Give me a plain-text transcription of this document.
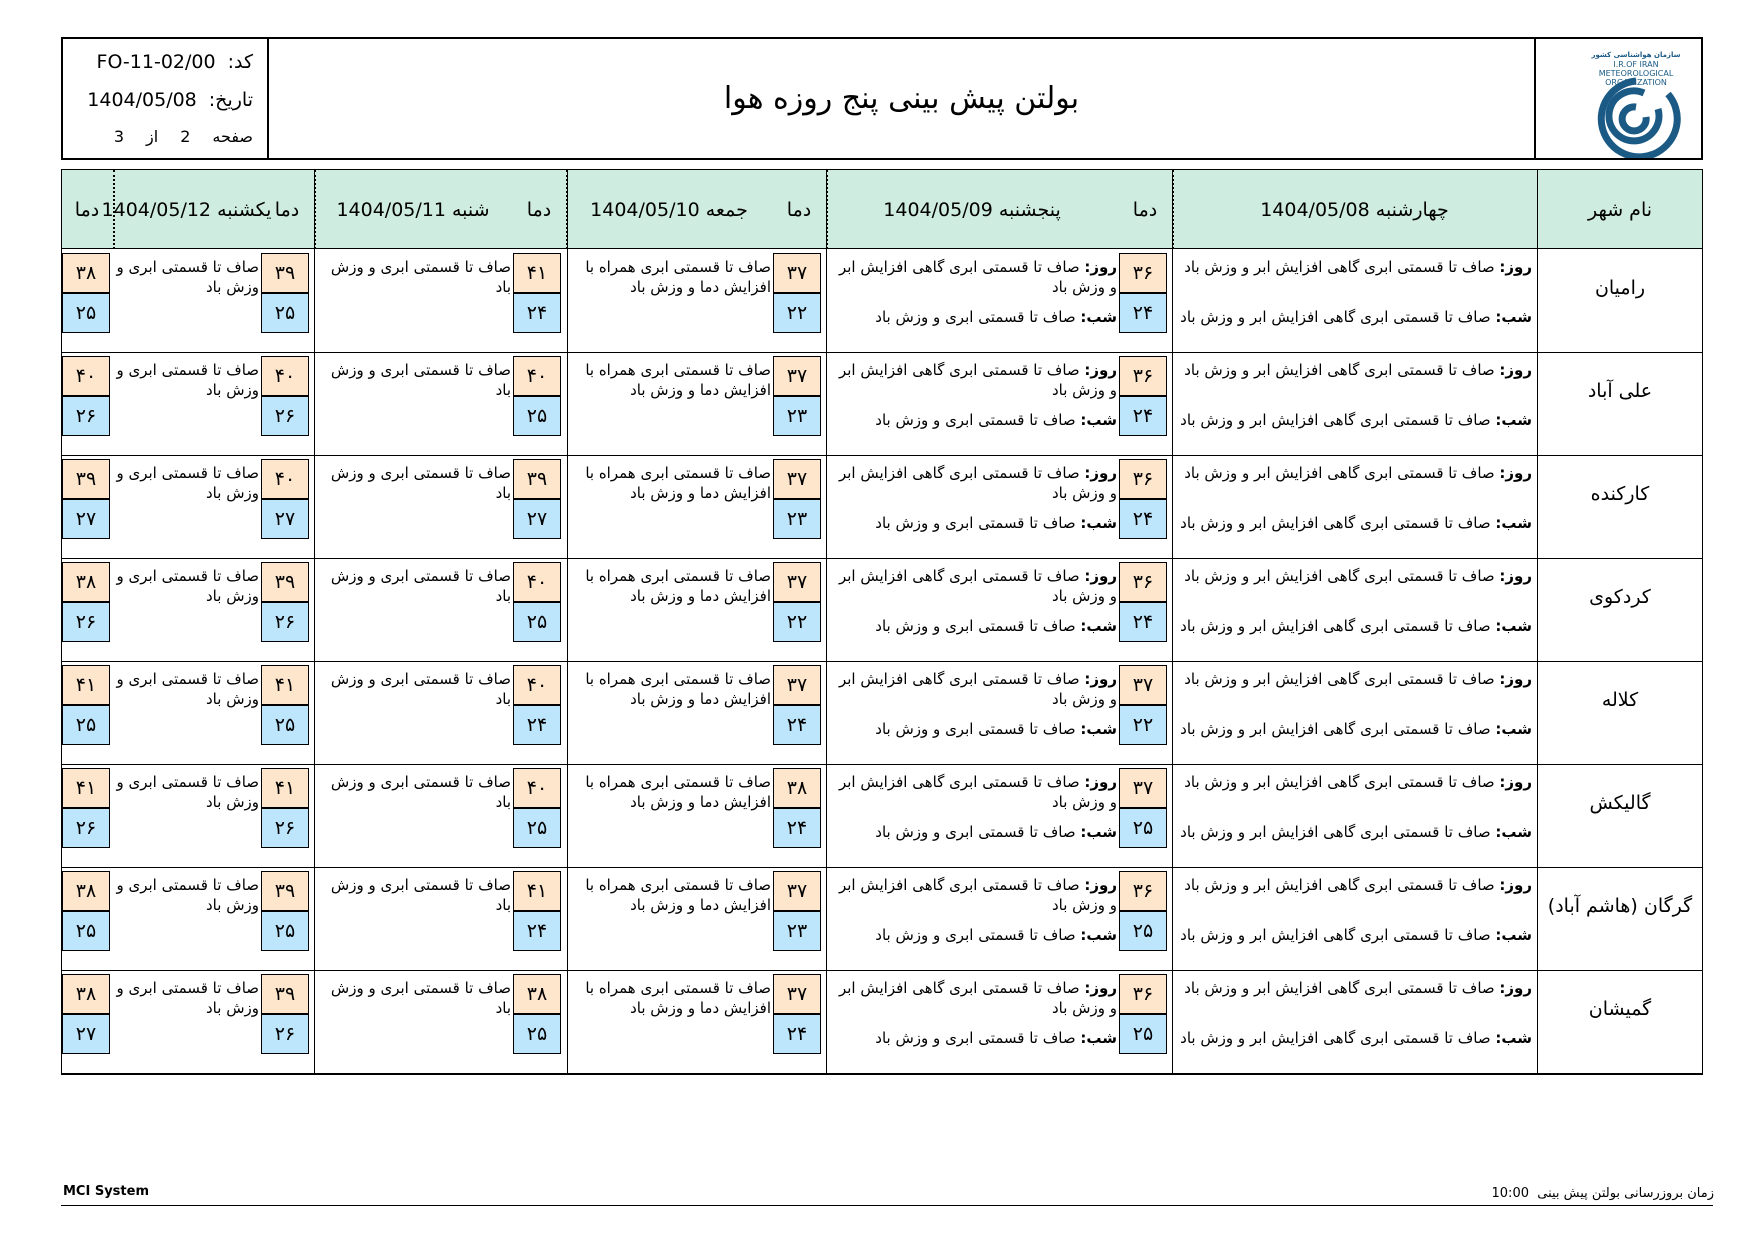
کد:
FO-11-02/00
تاریخ:
1404/05/08
صفحه
2
از
3
بولتن پیش بینی پنج روزه هوا
سازمان هواشناسی کشور
I.R.OF IRAN
METEOROLOGICAL
ORGANIZATION
نام شهر
چهارشنبه

1404/05/08
دما
پنجشنبه

1404/05/09
دما
جمعه

1404/05/10
دما
شنبه

1404/05/11
دما
یکشنبه

1404/05/12
دما
رامیان
۳۶
۲۴
روز: صاف تا قسمتی ابری گاهی افزایش ابر و وزش باد
شب: صاف تا قسمتی ابری گاهی افزایش ابر و وزش باد
۳۷
۲۲
روز: صاف تا قسمتی ابری گاهی افزایش ابر و وزش باد
شب: صاف تا قسمتی ابری و وزش باد
۴۱
۲۴
صاف تا قسمتی ابری همراه با افزایش دما و وزش باد
۳۹
۲۵
صاف تا قسمتی ابری و وزش باد
۳۸
۲۵
صاف تا قسمتی ابری و وزش باد
علی آباد
۳۶
۲۴
روز: صاف تا قسمتی ابری گاهی افزایش ابر و وزش باد
شب: صاف تا قسمتی ابری گاهی افزایش ابر و وزش باد
۳۷
۲۳
روز: صاف تا قسمتی ابری گاهی افزایش ابر و وزش باد
شب: صاف تا قسمتی ابری و وزش باد
۴۰
۲۵
صاف تا قسمتی ابری همراه با افزایش دما و وزش باد
۴۰
۲۶
صاف تا قسمتی ابری و وزش باد
۴۰
۲۶
صاف تا قسمتی ابری و وزش باد
کارکنده
۳۶
۲۴
روز: صاف تا قسمتی ابری گاهی افزایش ابر و وزش باد
شب: صاف تا قسمتی ابری گاهی افزایش ابر و وزش باد
۳۷
۲۳
روز: صاف تا قسمتی ابری گاهی افزایش ابر و وزش باد
شب: صاف تا قسمتی ابری و وزش باد
۳۹
۲۷
صاف تا قسمتی ابری همراه با افزایش دما و وزش باد
۴۰
۲۷
صاف تا قسمتی ابری و وزش باد
۳۹
۲۷
صاف تا قسمتی ابری و وزش باد
کردکوی
۳۶
۲۴
روز: صاف تا قسمتی ابری گاهی افزایش ابر و وزش باد
شب: صاف تا قسمتی ابری گاهی افزایش ابر و وزش باد
۳۷
۲۲
روز: صاف تا قسمتی ابری گاهی افزایش ابر و وزش باد
شب: صاف تا قسمتی ابری و وزش باد
۴۰
۲۵
صاف تا قسمتی ابری همراه با افزایش دما و وزش باد
۳۹
۲۶
صاف تا قسمتی ابری و وزش باد
۳۸
۲۶
صاف تا قسمتی ابری و وزش باد
کلاله
۳۷
۲۲
روز: صاف تا قسمتی ابری گاهی افزایش ابر و وزش باد
شب: صاف تا قسمتی ابری گاهی افزایش ابر و وزش باد
۳۷
۲۴
روز: صاف تا قسمتی ابری گاهی افزایش ابر و وزش باد
شب: صاف تا قسمتی ابری و وزش باد
۴۰
۲۴
صاف تا قسمتی ابری همراه با افزایش دما و وزش باد
۴۱
۲۵
صاف تا قسمتی ابری و وزش باد
۴۱
۲۵
صاف تا قسمتی ابری و وزش باد
گالیکش
۳۷
۲۵
روز: صاف تا قسمتی ابری گاهی افزایش ابر و وزش باد
شب: صاف تا قسمتی ابری گاهی افزایش ابر و وزش باد
۳۸
۲۴
روز: صاف تا قسمتی ابری گاهی افزایش ابر و وزش باد
شب: صاف تا قسمتی ابری و وزش باد
۴۰
۲۵
صاف تا قسمتی ابری همراه با افزایش دما و وزش باد
۴۱
۲۶
صاف تا قسمتی ابری و وزش باد
۴۱
۲۶
صاف تا قسمتی ابری و وزش باد
گرگان (هاشم آباد)
۳۶
۲۵
روز: صاف تا قسمتی ابری گاهی افزایش ابر و وزش باد
شب: صاف تا قسمتی ابری گاهی افزایش ابر و وزش باد
۳۷
۲۳
روز: صاف تا قسمتی ابری گاهی افزایش ابر و وزش باد
شب: صاف تا قسمتی ابری و وزش باد
۴۱
۲۴
صاف تا قسمتی ابری همراه با افزایش دما و وزش باد
۳۹
۲۵
صاف تا قسمتی ابری و وزش باد
۳۸
۲۵
صاف تا قسمتی ابری و وزش باد
گمیشان
۳۶
۲۵
روز: صاف تا قسمتی ابری گاهی افزایش ابر و وزش باد
شب: صاف تا قسمتی ابری گاهی افزایش ابر و وزش باد
۳۷
۲۴
روز: صاف تا قسمتی ابری گاهی افزایش ابر و وزش باد
شب: صاف تا قسمتی ابری و وزش باد
۳۸
۲۵
صاف تا قسمتی ابری همراه با افزایش دما و وزش باد
۳۹
۲۶
صاف تا قسمتی ابری و وزش باد
۳۸
۲۷
صاف تا قسمتی ابری و وزش باد
MCI System	زمان بروزرسانی بولتن پیش بینی  10:00
